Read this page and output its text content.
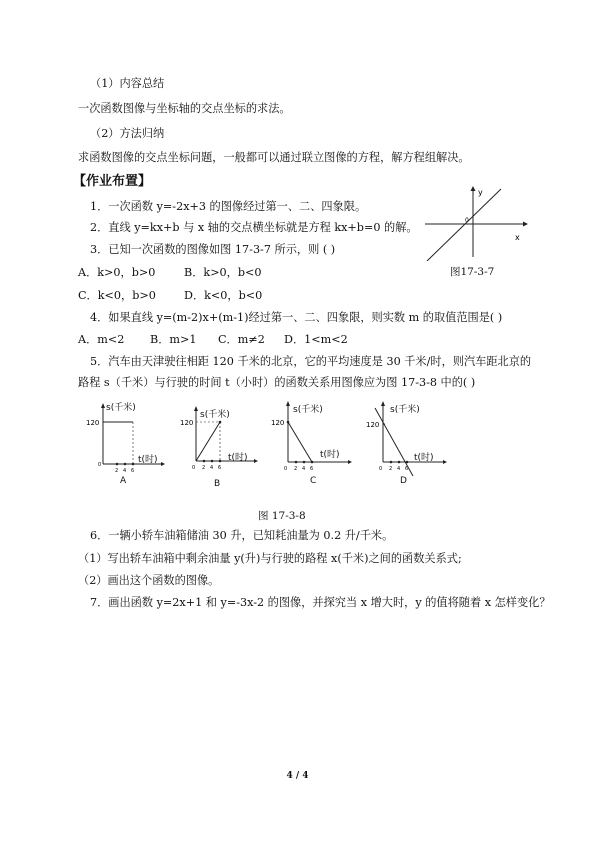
（1）内容总结
一次函数图像与坐标轴的交点坐标的求法。
（2）方法归纳
求函数图像的交点坐标问题，一般都可以通过联立图像的方程，解方程组解决。
【作业布置】
1．一次函数 y=-2x+3 的图像经过第一、二、四象限。
2．直线 y=kx+b 与 x 轴的交点横坐标就是方程 kx+b=0 的解。
3．已知一次函数的图像如图 17-3-7 所示，则 ( )
A．k>0，b>0	B．k>0，b<0
C．k<0，b>0	D．k<0，b<0
4．如果直线 y=(m-2)x+(m-1)经过第一、二、四象限，则实数 m 的取值范围是( )
A．m<2 B．m>1 C．m≠2 D．1<m<2
5．汽车由天津驶往相距 120 千米的北京，它的平均速度是 30 千米/时，则汽车距北京的
路程 s（千米）与行驶的时间 t（小时）的函数关系用图像应为图 17-3-8 中的( )
y
x
0
图17-3-7
120
0
2 4 6
s(千米)
t(时)
120
0 2 4 6
s(千米)
t(时)
120
0 2 4 6
s(千米)
t(时)
120
0 2 4 6
s(千米)
t(时)
A	B	C	D
图 17-3-8
6．一辆小轿车油箱储油 30 升，已知耗油量为 0.2 升/千米。
（1）写出轿车油箱中剩余油量 y(升)与行驶的路程 x(千米)之间的函数关系式;
（2）画出这个函数的图像。
7．画出函数 y=2x+1 和 y=-3x-2 的图像，并探究当 x 增大时，y 的值将随着 x 怎样变化？
4 / 4
